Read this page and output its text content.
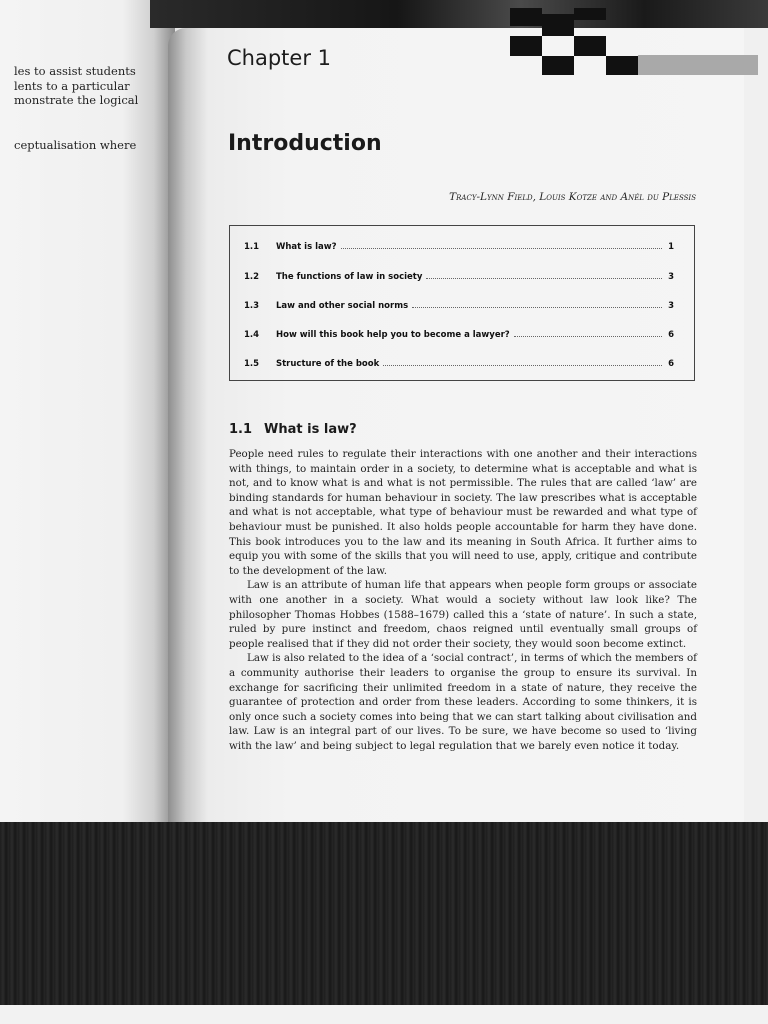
les to assist students
lents to a particular
monstrate the logical
ceptualisation where
Chapter 1
Introduction
Tracy-Lynn Field, Louis Kotze and Anél du Plessis
1.1	What is law?	1
1.2	The functions of law in society	3
1.3	Law and other social norms	3
1.4	How will this book help you to become a lawyer?	6
1.5	Structure of the book	6
1.1 What is law?

People need rules to regulate their interactions with one another and their interactions with things, to maintain order in a society, to determine what is acceptable and what is not, and to know what is and what is not permissible. The rules that are called ‘law’ are binding standards for human behaviour in society. The law prescribes what is acceptable and what is not acceptable, what type of behaviour must be rewarded and what type of behaviour must be punished. It also holds people accountable for harm they have done. This book introduces you to the law and its meaning in South Africa. It further aims to equip you with some of the skills that you will need to use, apply, critique and contribute to the development of the law.

Law is an attribute of human life that appears when people form groups or associate with one another in a society. What would a society without law look like? The philosopher Thomas Hobbes (1588–1679) called this a ‘state of nature’. In such a state, ruled by pure instinct and freedom, chaos reigned until eventually small groups of people realised that if they did not order their society, they would soon become extinct.

Law is also related to the idea of a ‘social contract’, in terms of which the members of a community authorise their leaders to organise the group to ensure its survival. In exchange for sacrificing their unlimited freedom in a state of nature, they receive the guarantee of protection and order from these leaders. According to some thinkers, it is only once such a society comes into being that we can start talking about civilisation and law. Law is an integral part of our lives. To be sure, we have become so used to ‘living with the law’ and being subject to legal regulation that we barely even notice it today.
